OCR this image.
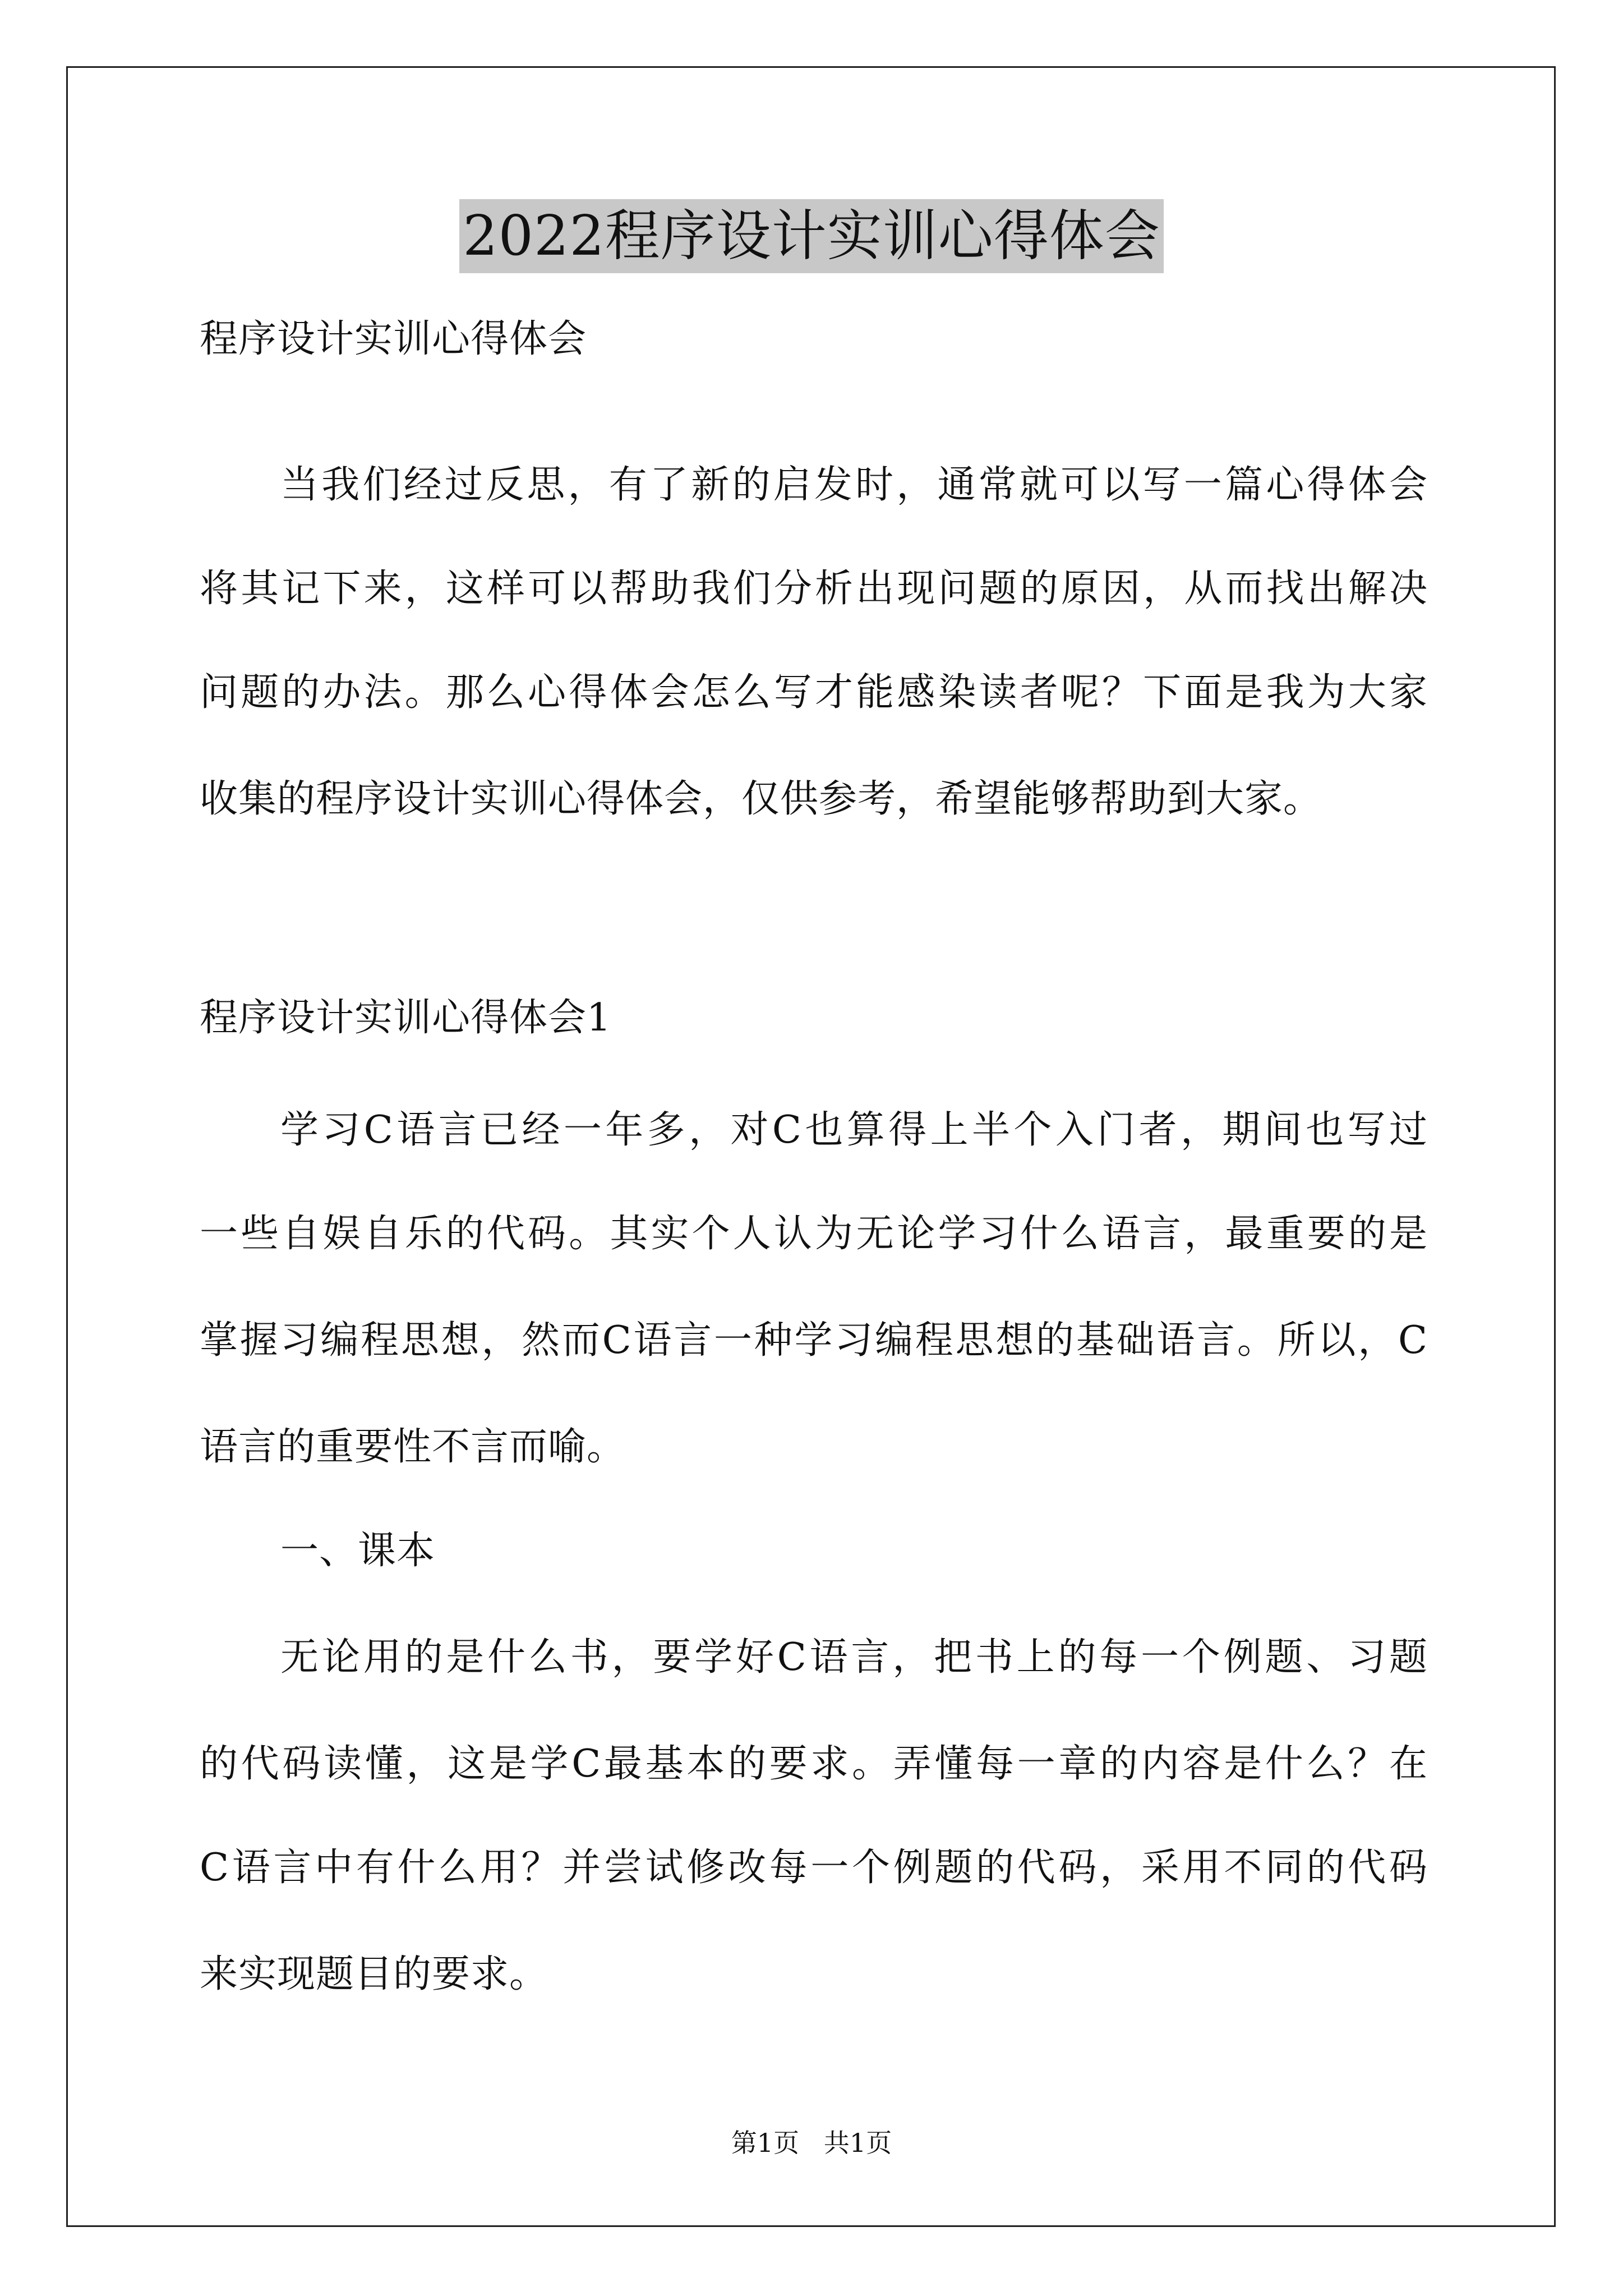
2022程序设计实训心得体会
程序设计实训心得体会
当我们经过反思，有了新的启发时，通常就可以写一篇心得体会
将其记下来，这样可以帮助我们分析出现问题的原因，从而找出解决
问题的办法。那么心得体会怎么写才能感染读者呢？下面是我为大家
收集的程序设计实训心得体会，仅供参考，希望能够帮助到大家。
程序设计实训心得体会1
学习C语言已经一年多，对C也算得上半个入门者，期间也写过
一些自娱自乐的代码。其实个人认为无论学习什么语言，最重要的是
掌握习编程思想，然而C语言一种学习编程思想的基础语言。所以，C
语言的重要性不言而喻。
一、课本
无论用的是什么书，要学好C语言，把书上的每一个例题、习题
的代码读懂，这是学C最基本的要求。弄懂每一章的内容是什么？在
C语言中有什么用？并尝试修改每一个例题的代码，采用不同的代码
来实现题目的要求。
第1页   共1页
